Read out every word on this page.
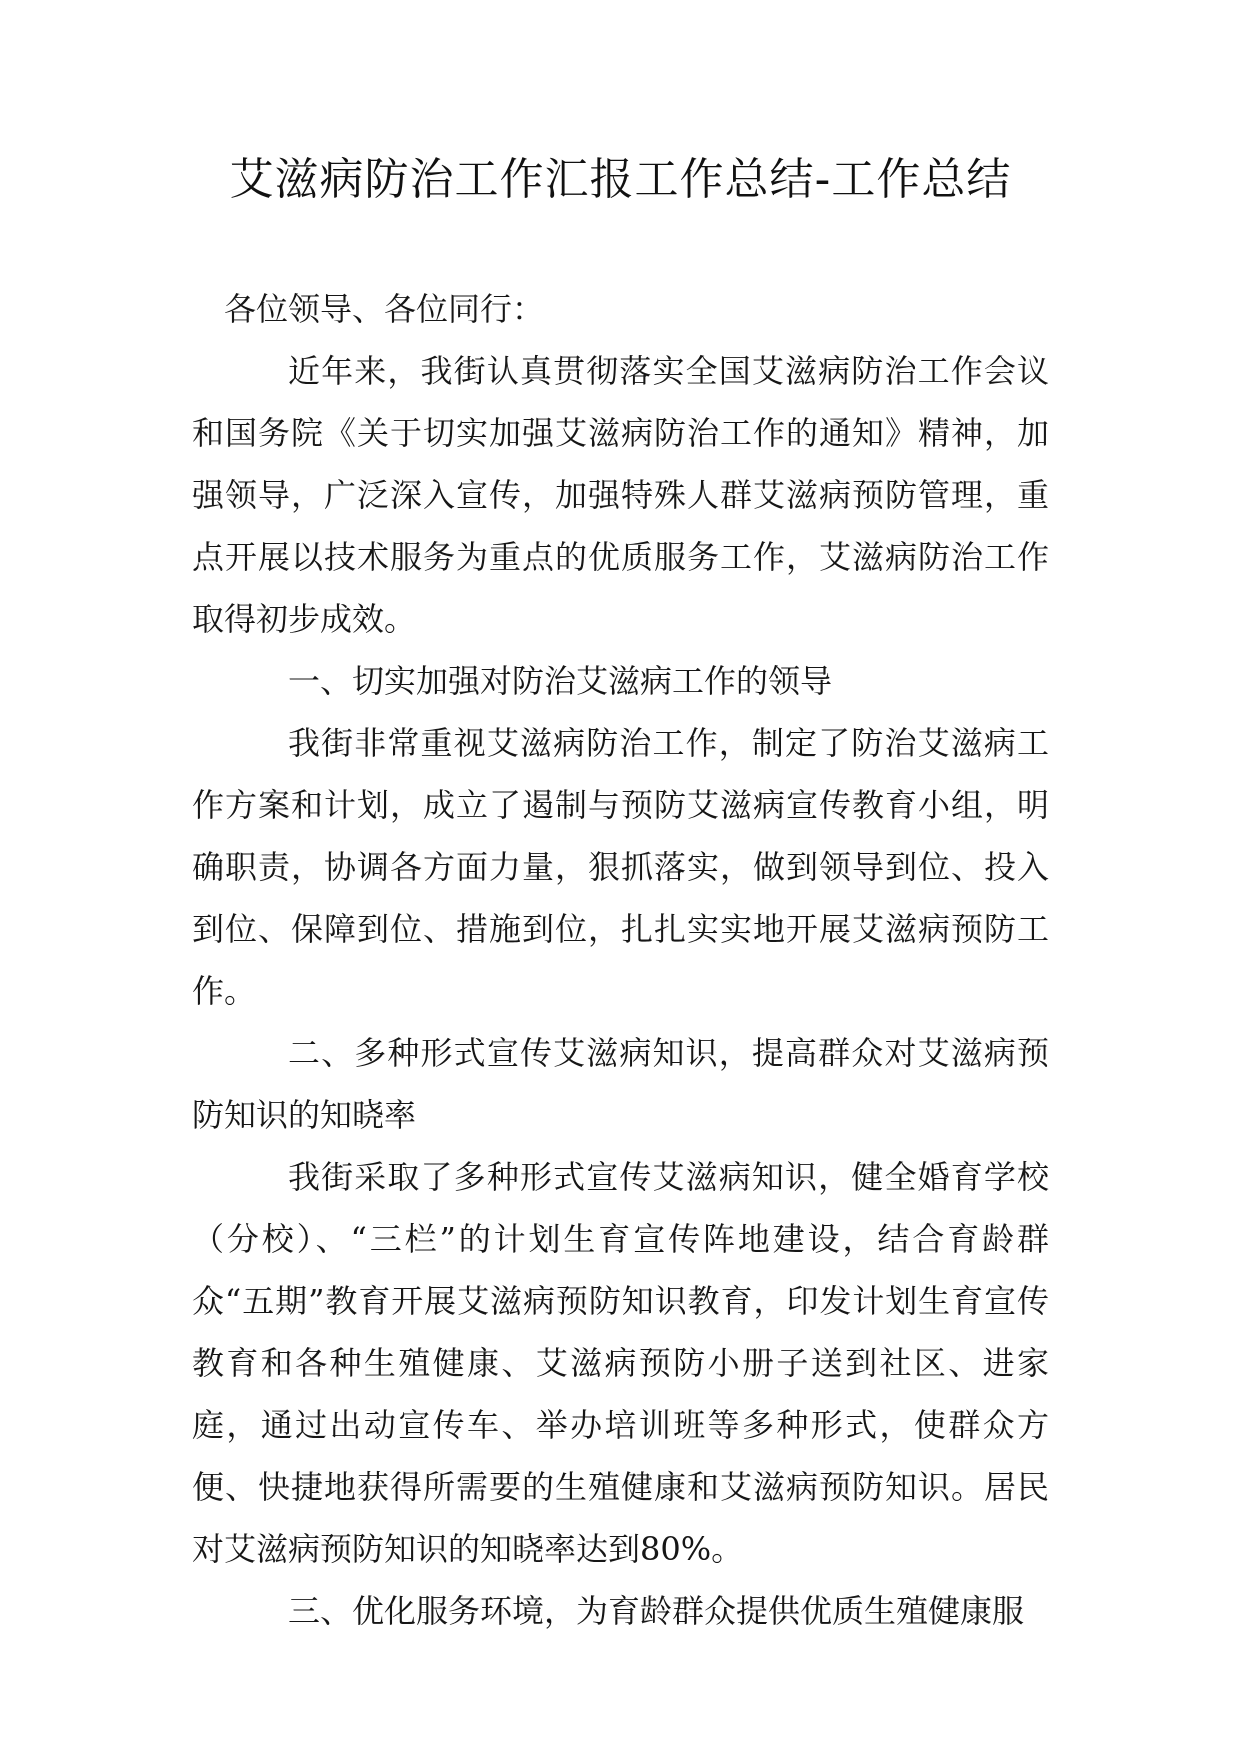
艾滋病防治工作汇报工作总结-工作总结

各位领导、各位同行：

近年来，我街认真贯彻落实全国艾滋病防治工作会议和国务院《关于切实加强艾滋病防治工作的通知》精神，加强领导，广泛深入宣传，加强特殊人群艾滋病预防管理，重点开展以技术服务为重点的优质服务工作，艾滋病防治工作取得初步成效。

一、切实加强对防治艾滋病工作的领导

我街非常重视艾滋病防治工作，制定了防治艾滋病工作方案和计划，成立了遏制与预防艾滋病宣传教育小组，明确职责，协调各方面力量，狠抓落实，做到领导到位、投入到位、保障到位、措施到位，扎扎实实地开展艾滋病预防工作。

二、多种形式宣传艾滋病知识，提高群众对艾滋病预防知识的知晓率

我街采取了多种形式宣传艾滋病知识，健全婚育学校（分校）、“三栏”的计划生育宣传阵地建设，结合育龄群众“五期”教育开展艾滋病预防知识教育，印发计划生育宣传教育和各种生殖健康、艾滋病预防小册子送到社区、进家庭，通过出动宣传车、举办培训班等多种形式，使群众方便、快捷地获得所需要的生殖健康和艾滋病预防知识。居民对艾滋病预防知识的知晓率达到80%。

三、优化服务环境，为育龄群众提供优质生殖健康服
